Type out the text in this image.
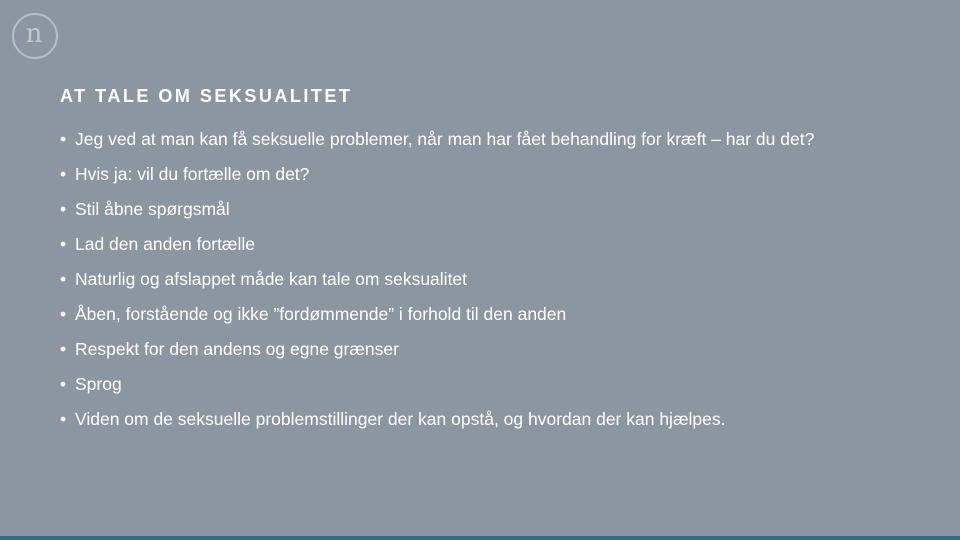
n
AT TALE OM SEKSUALITET
• Jeg ved at man kan få seksuelle problemer, når man har fået behandling for kræft – har du det?
• Hvis ja: vil du fortælle om det?
• Stil åbne spørgsmål
• Lad den anden fortælle
• Naturlig og afslappet måde kan tale om seksualitet
• Åben, forstående og ikke ”fordømmende” i forhold til den anden
• Respekt for den andens og egne grænser
• Sprog
• Viden om de seksuelle problemstillinger der kan opstå, og hvordan der kan hjælpes.
